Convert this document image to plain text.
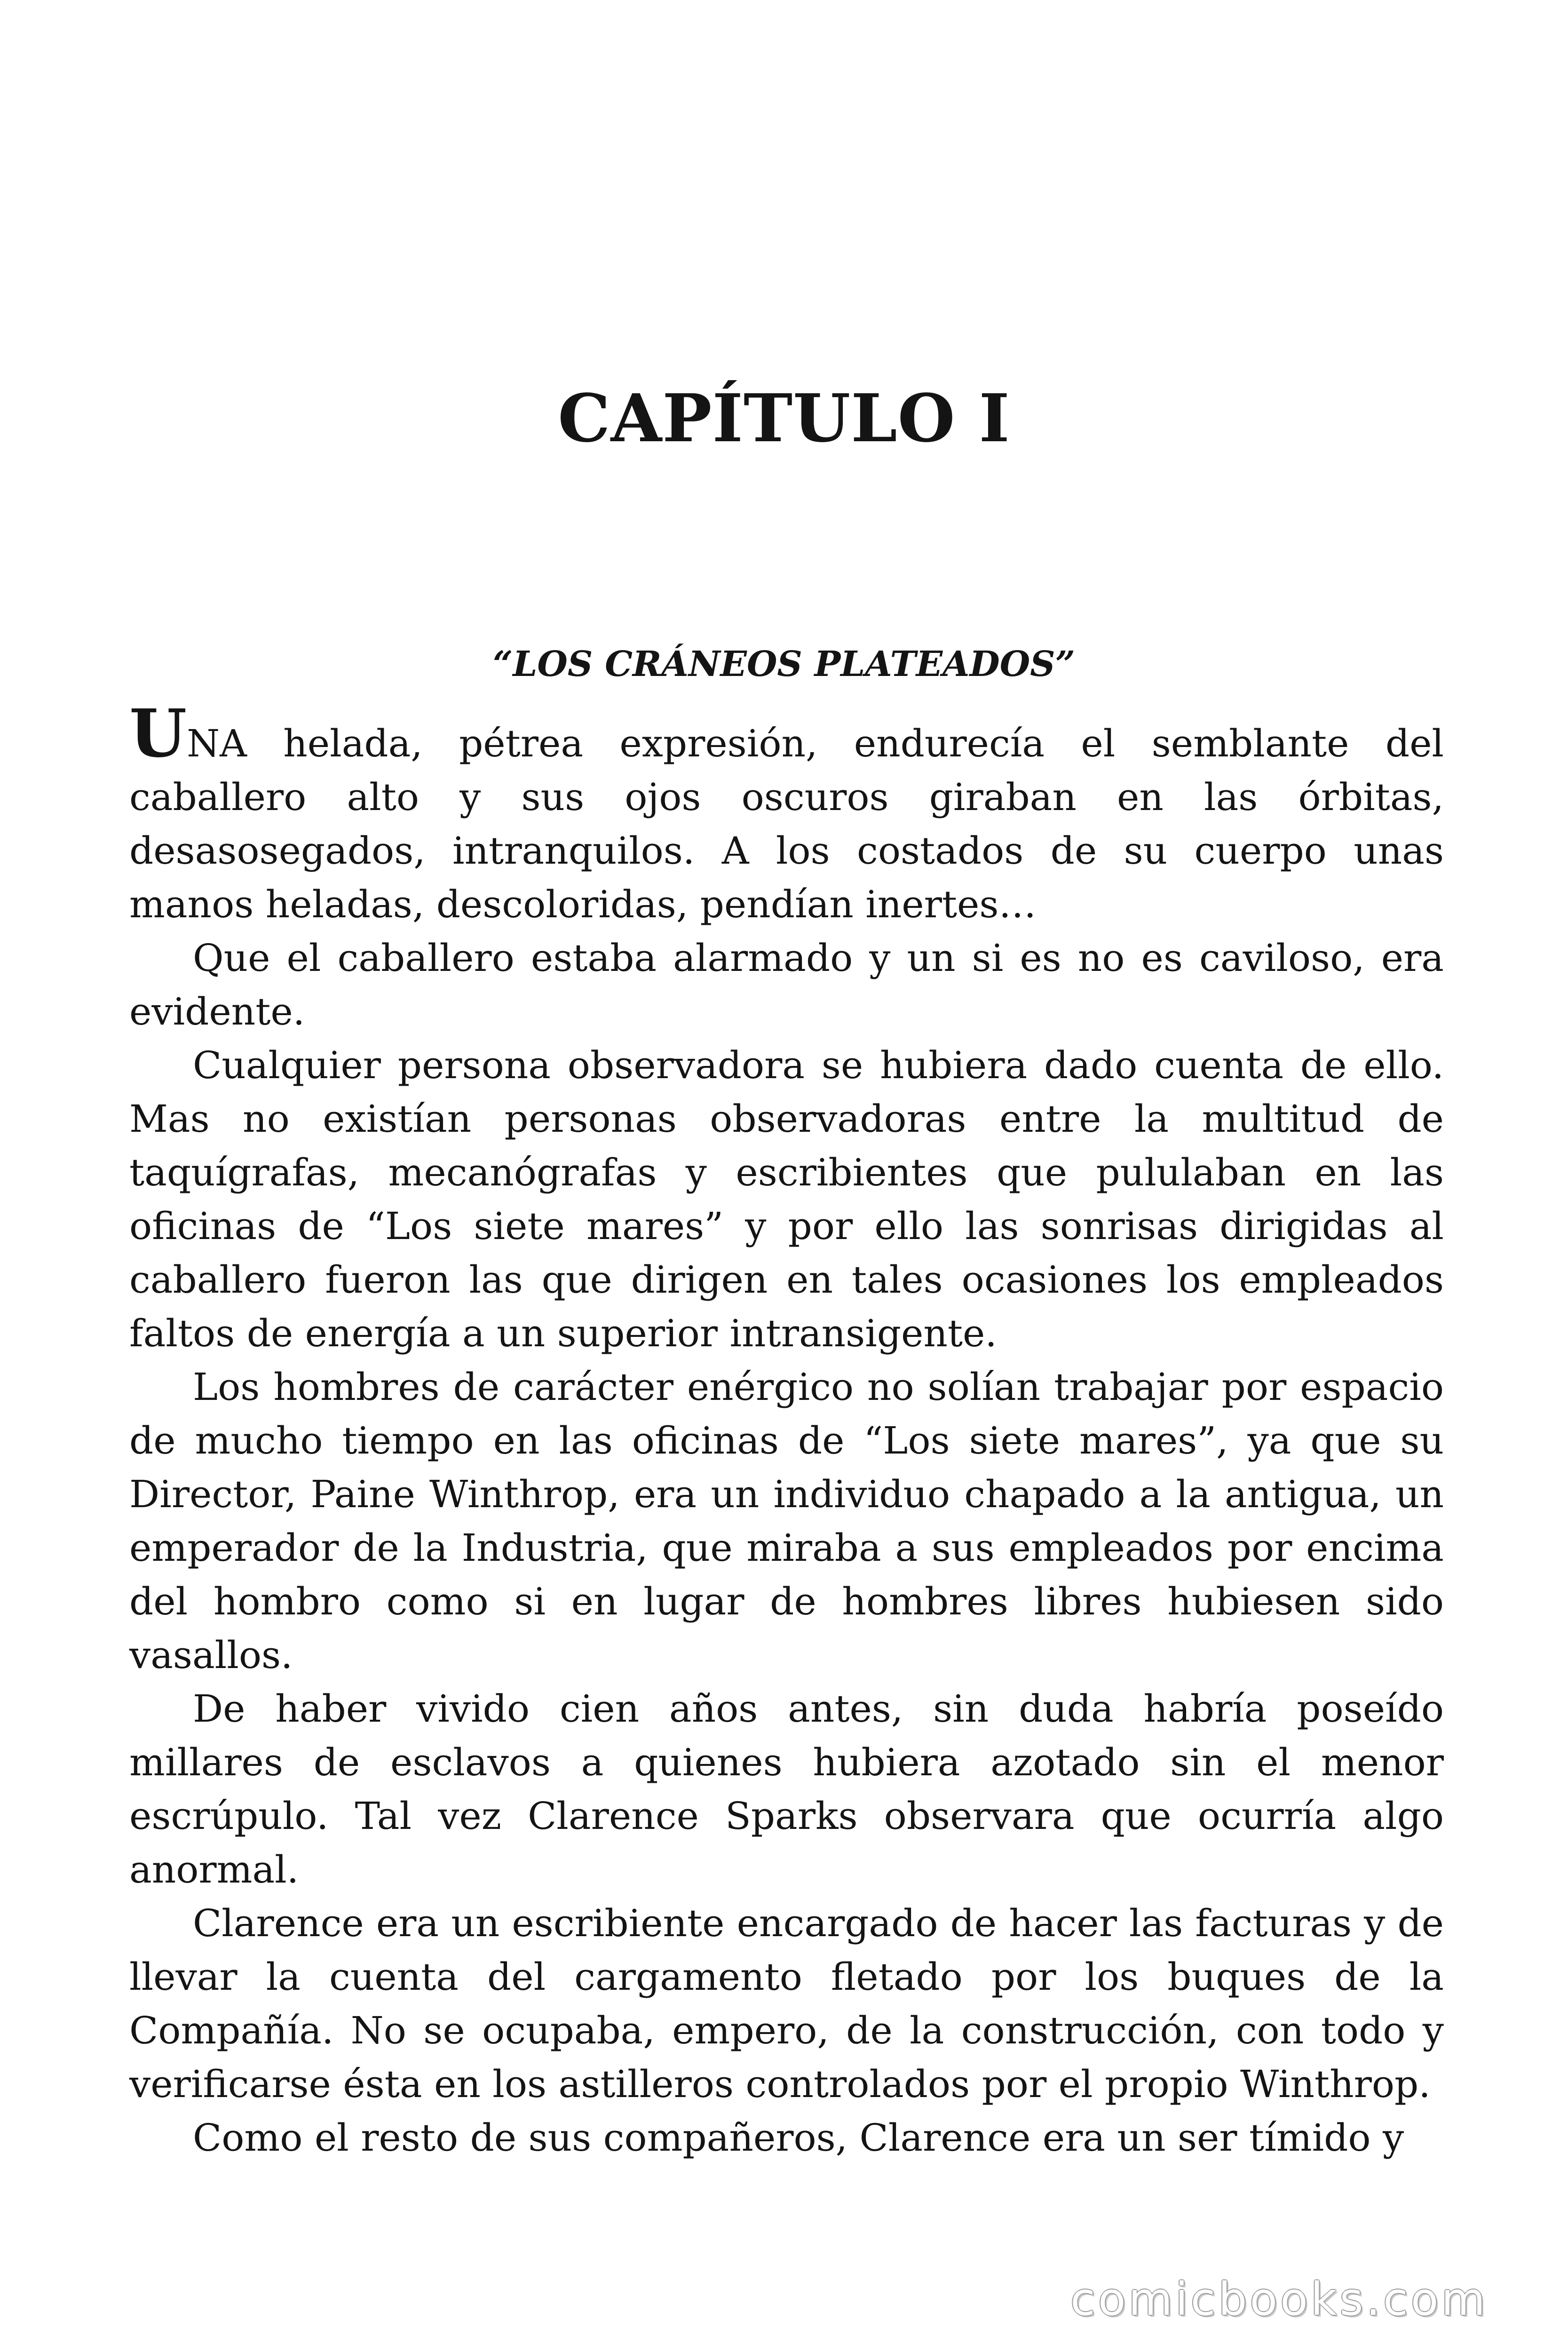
CAPÍTULO I
“LOS CRÁNEOS PLATEADOS”

UNA helada, pétrea expresión, endurecía el semblante del caballero alto y sus ojos oscuros giraban en las órbitas, desasosegados, intranquilos. A los costados de su cuerpo unas manos heladas, descoloridas, pendían inertes…

Que el caballero estaba alarmado y un si es no es caviloso, era evidente.

Cualquier persona observadora se hubiera dado cuenta de ello. Mas no existían personas observadoras entre la multitud de taquígrafas, mecanógrafas y escribientes que pululaban en las oficinas de “Los siete mares” y por ello las sonrisas dirigidas al caballero fueron las que dirigen en tales ocasiones los empleados faltos de energía a un superior intransigente.

Los hombres de carácter enérgico no solían trabajar por espacio de mucho tiempo en las oficinas de “Los siete mares”, ya que su Director, Paine Winthrop, era un individuo chapado a la antigua, un emperador de la Industria, que miraba a sus empleados por encima del hombro como si en lugar de hombres libres hubiesen sido vasallos.

De haber vivido cien años antes, sin duda habría poseído millares de esclavos a quienes hubiera azotado sin el menor escrúpulo. Tal vez Clarence Sparks observara que ocurría algo anormal.

Clarence era un escribiente encargado de hacer las facturas y de llevar la cuenta del cargamento fletado por los buques de la Compañía. No se ocupaba, empero, de la construcción, con todo y verificarse ésta en los astilleros controlados por el propio Winthrop.

Como el resto de sus compañeros, Clarence era un ser tímido y

comicbooks.com
